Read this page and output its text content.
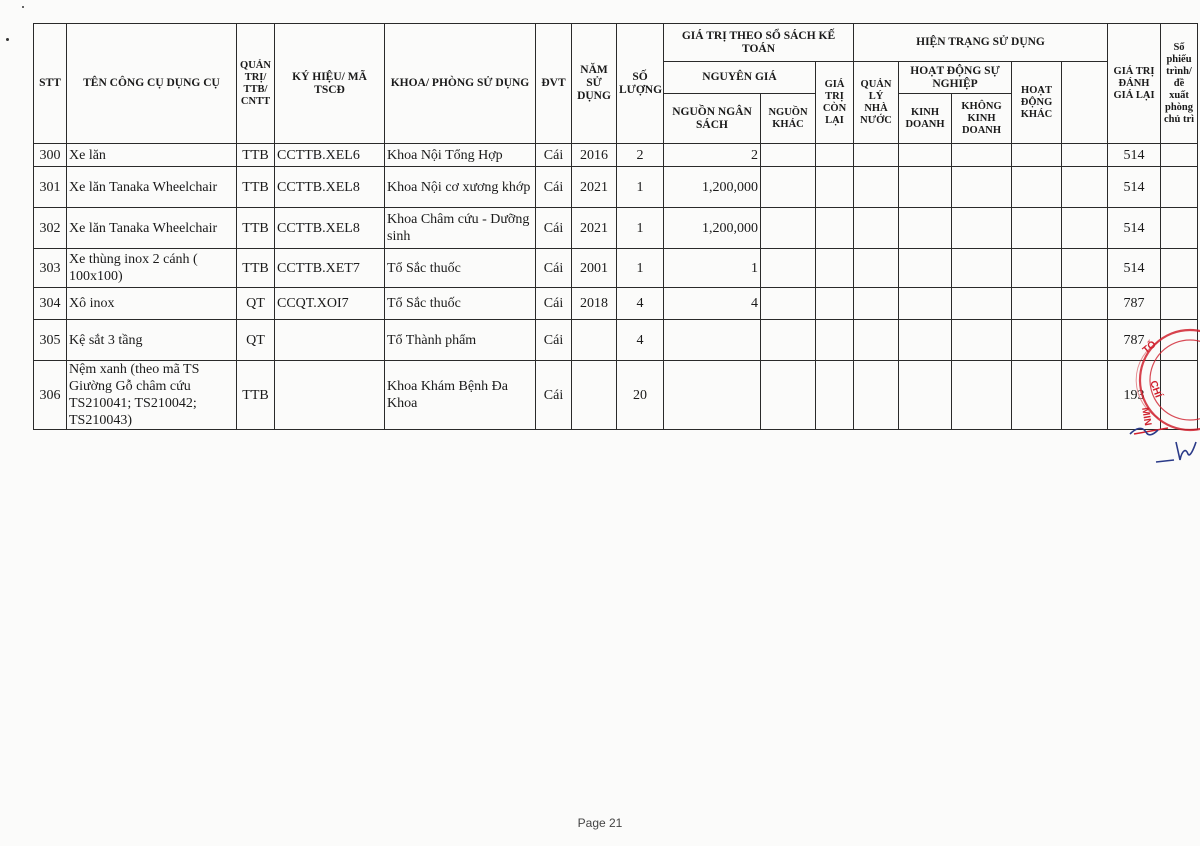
STT	TÊN CÔNG CỤ DỤNG CỤ	QUẢN TRỊ/ TTB/ CNTT	KÝ HIỆU/ MÃ TSCĐ	KHOA/ PHÒNG SỬ DỤNG	ĐVT	NĂM SỬ DỤNG	SỐ LƯỢNG	GIÁ TRỊ THEO SỔ SÁCH KẾ TOÁN			HIỆN TRẠNG SỬ DỤNG					GIÁ TRỊ ĐÁNH GIÁ LẠI	Số phiếu trình/ đề xuất phòng chủ trì	
								NGUYÊN GIÁ		GIÁ TRỊ CÒN LẠI	QUẢN LÝ NHÀ NƯỚC	HOẠT ĐỘNG SỰ NGHIỆP		HOẠT ĐỘNG KHÁC				
								NGUỒN NGÂN SÁCH	NGUỒN KHÁC			KINH DOANH	KHÔNG KINH DOANH					
300	Xe lăn	TTB	CCTTB.XEL6	Khoa Nội Tổng Hợp	Cái	2016	2	2								514		
301	Xe lăn Tanaka Wheelchair	TTB	CCTTB.XEL8	Khoa Nội cơ xương khớp	Cái	2021	1	1,200,000								514		
302	Xe lăn Tanaka Wheelchair	TTB	CCTTB.XEL8	Khoa Châm cứu - Dưỡng sinh	Cái	2021	1	1,200,000								514		
303	Xe thùng inox 2 cánh ( 100x100)	TTB	CCTTB.XET7	Tổ Sắc thuốc	Cái	2001	1	1								514		
304	Xô inox	QT	CCQT.XOI7	Tổ Sắc thuốc	Cái	2018	4	4								787		
305	Kệ sắt 3 tầng	QT		Tổ Thành phẩm	Cái		4									787		
306	Nệm xanh (theo mã TS Giường Gỗ châm cứu TS210041; TS210042; TS210043)	TTB		Khoa Khám Bệnh Đa Khoa	Cái		20									193		
TỔ
CHÍ
MIN
Page 21
